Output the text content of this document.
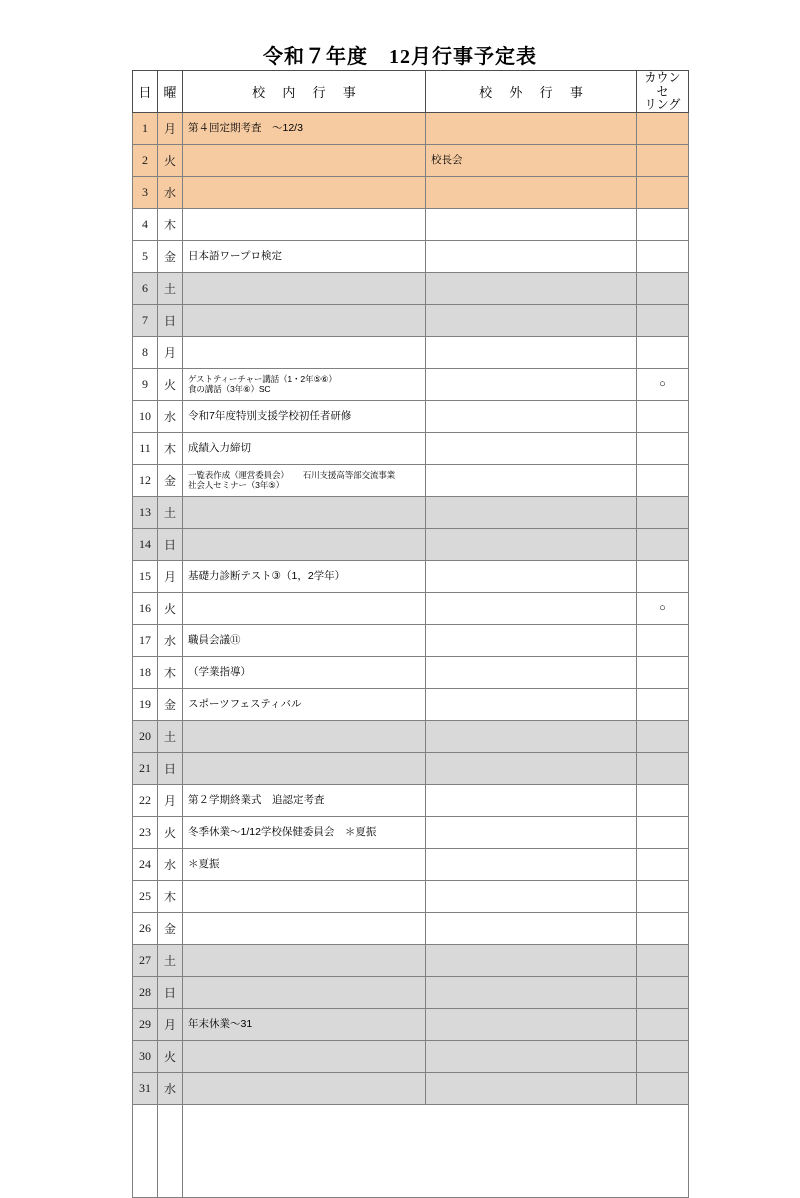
令和７年度　12月行事予定表
日	曜	校 内 行 事	校 外 行 事	カウンセ
リング

1	月	第４回定期考査　～12/3		
2	火		校長会	
3	水			
4	木			
5	金	日本語ワープロ検定		
6	土			
7	日			
8	月			
9	火	ゲストティーチャー講話（1・2年⑤⑥）
食の講話（3年⑥）SC		○
10	水	令和7年度特別支援学校初任者研修		
11	木	成績入力締切		
12	金	一覧表作成（運営委員会） 石川支援高等部交流事業
社会人セミナー（3年⑤）		

13	土			
14	日			
15	月	基礎力診断テスト③（1，2学年）		
16	火			○
17	水	職員会議⑪		
18	木	（学業指導）		
19	金	スポーツフェスティバル		
20	土			
21	日			
22	月	第２学期終業式　追認定考査		
23	火	冬季休業～1/12学校保健委員会　＊夏振		
24	水	＊夏振		
25	木			
26	金			
27	土			
28	日			
29	月	年末休業～31		
30	火			
31	水			
